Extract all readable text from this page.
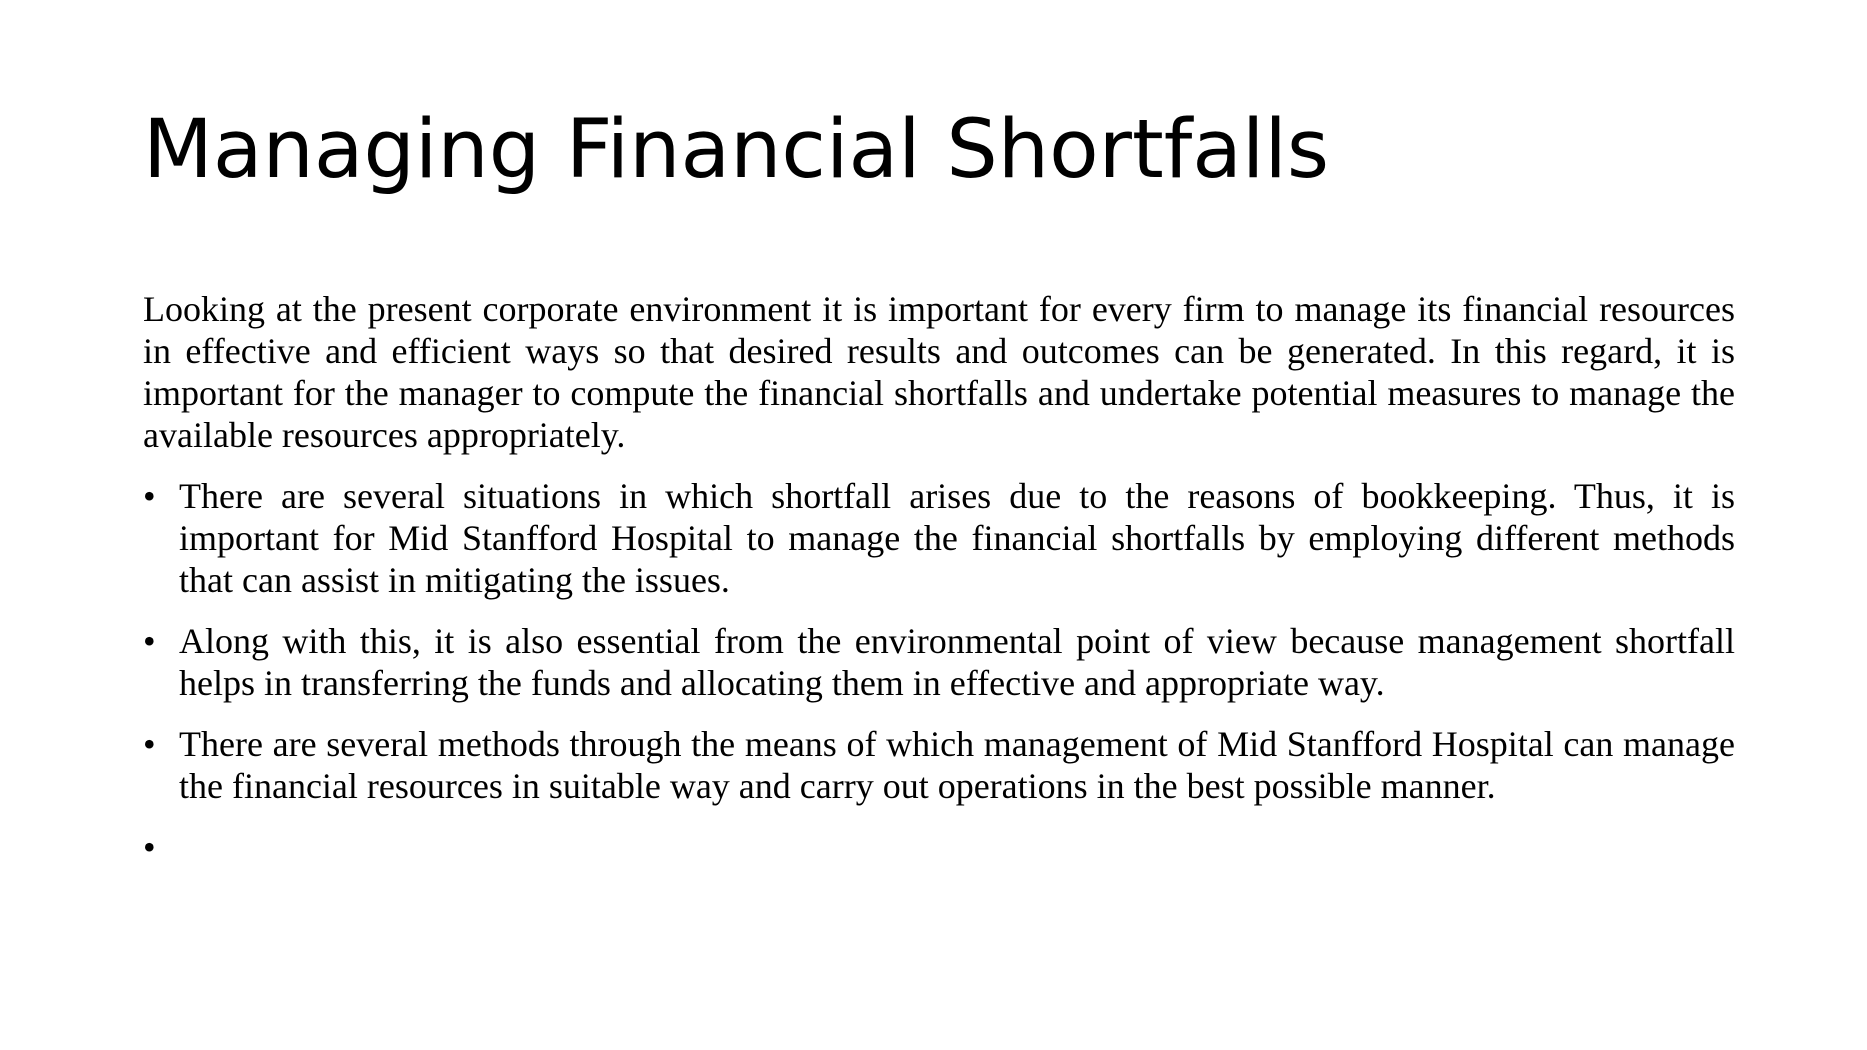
Managing Financial Shortfalls

Looking at the present corporate environment it is important for every firm to manage its financial resources in effective and efficient ways so that desired results and outcomes can be generated. In this regard, it is important for the manager to compute the financial shortfalls and undertake potential measures to manage the available resources appropriately.

• There are several situations in which shortfall arises due to the reasons of bookkeeping. Thus, it is important for Mid Stanfford Hospital to manage the financial shortfalls by employing different methods that can assist in mitigating the issues.
• Along with this, it is also essential from the environmental point of view because management shortfall helps in transferring the funds and allocating them in effective and appropriate way.
• There are several methods through the means of which management of Mid Stanfford Hospital can manage the financial resources in suitable way and carry out operations in the best possible manner.
•
